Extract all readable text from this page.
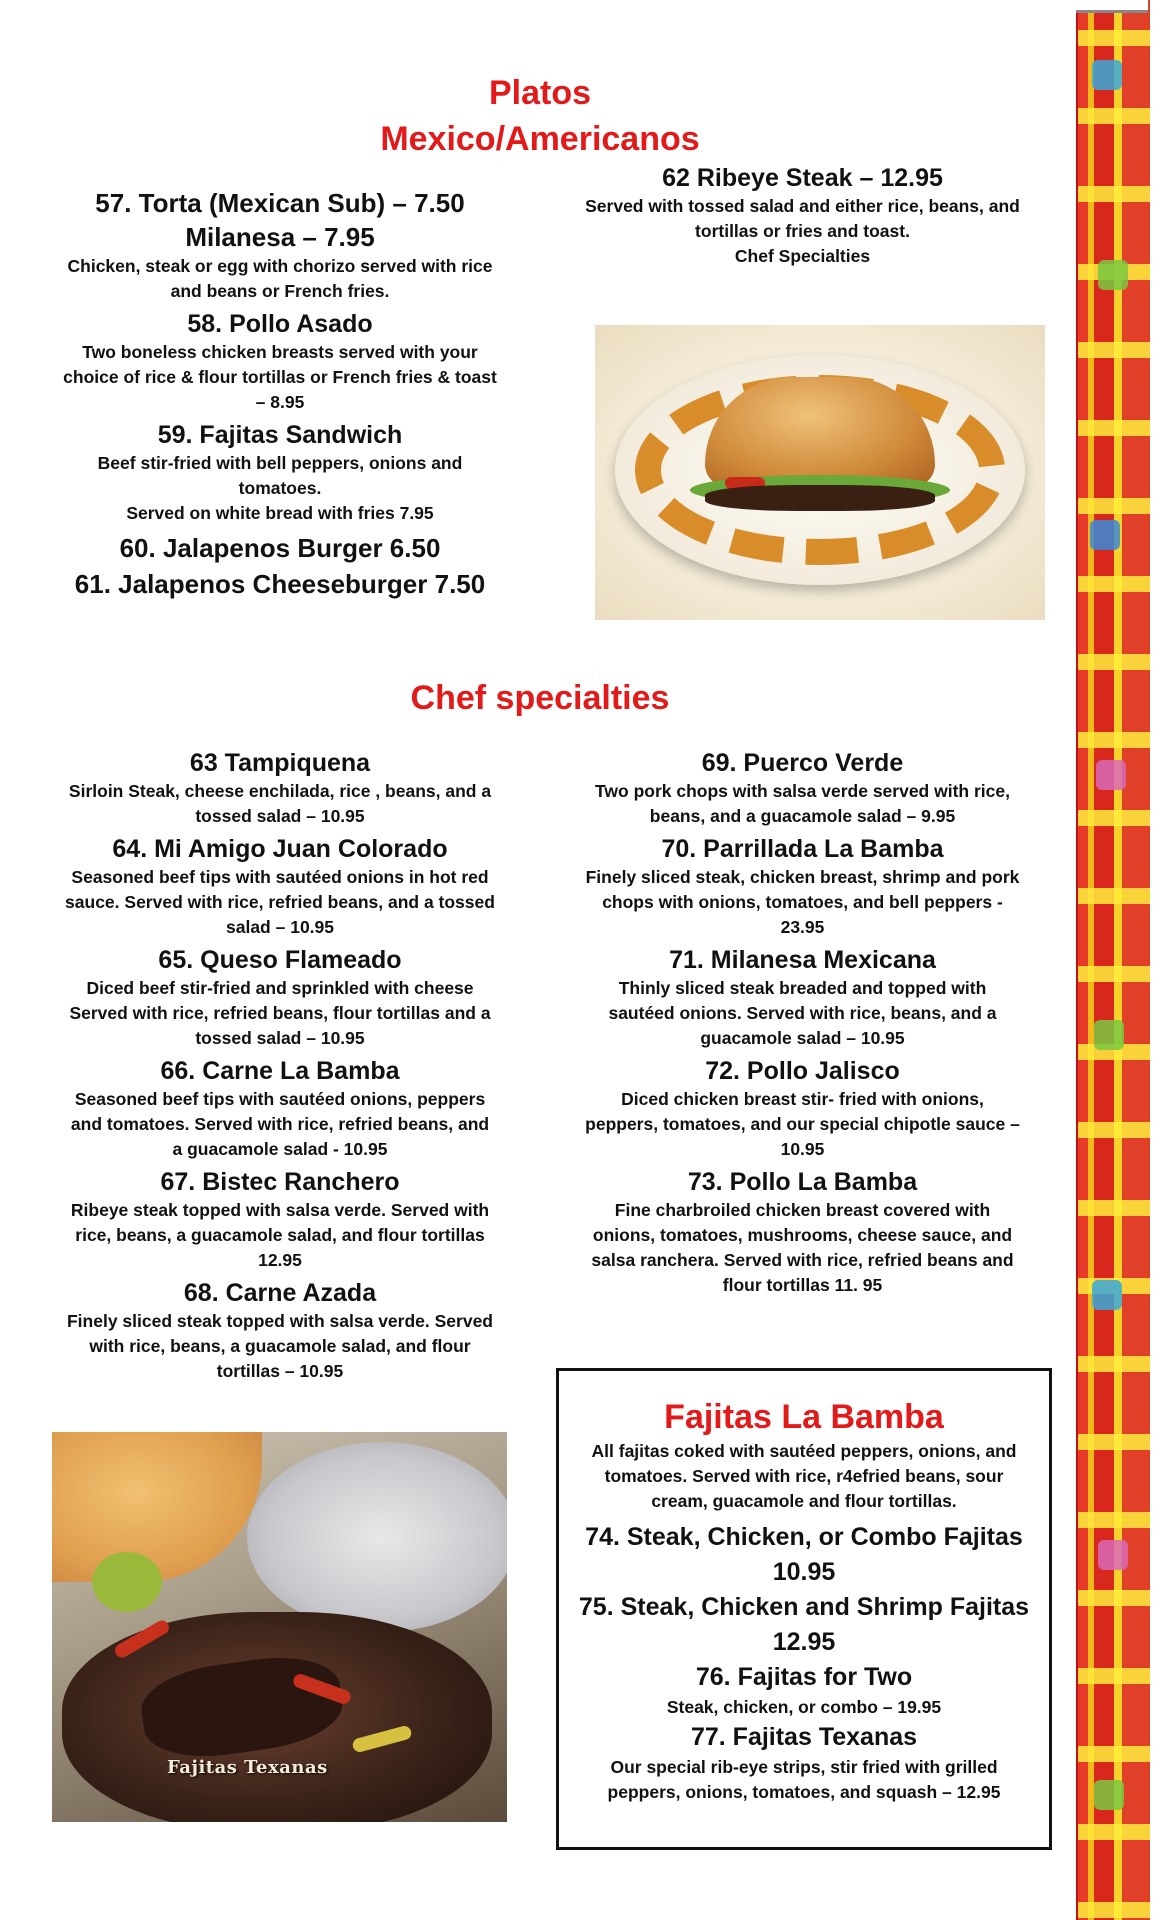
Platos
Mexico/Americanos
57. Torta (Mexican Sub) – 7.50
Milanesa – 7.95
Chicken, steak or egg with chorizo served with rice
and beans or French fries.
58. Pollo Asado
Two boneless chicken breasts served with your
choice of rice & flour tortillas or French fries & toast
– 8.95
59. Fajitas Sandwich
Beef stir-fried with bell peppers, onions and
tomatoes.
Served on white bread with fries 7.95
60. Jalapenos Burger 6.50
61. Jalapenos Cheeseburger 7.50
62 Ribeye Steak – 12.95
Served with tossed salad and either rice, beans, and
tortillas or fries and toast.
Chef Specialties
Chef specialties
63 Tampiquena
Sirloin Steak, cheese enchilada, rice , beans, and a
tossed salad – 10.95
64. Mi Amigo Juan Colorado
Seasoned beef tips with sautéed onions in hot red
sauce. Served with rice, refried beans, and a tossed
salad – 10.95
65. Queso Flameado
Diced beef stir-fried and sprinkled with cheese
Served with rice, refried beans, flour tortillas and a
tossed salad – 10.95
66. Carne La Bamba
Seasoned beef tips with sautéed onions, peppers
and tomatoes. Served with rice, refried beans, and
a guacamole salad - 10.95
67. Bistec Ranchero
Ribeye steak topped with salsa verde. Served with
rice, beans, a guacamole salad, and flour tortillas
12.95
68. Carne Azada
Finely sliced steak topped with salsa verde. Served
with rice, beans, a guacamole salad, and flour
tortillas – 10.95
69. Puerco Verde
Two pork chops with salsa verde served with rice,
beans, and a guacamole salad – 9.95
70. Parrillada La Bamba
Finely sliced steak, chicken breast, shrimp and pork
chops with onions, tomatoes, and bell peppers -
23.95
71. Milanesa Mexicana
Thinly sliced steak breaded and topped with
sautéed onions. Served with rice, beans, and a
guacamole salad – 10.95
72. Pollo Jalisco
Diced chicken breast stir- fried with onions,
peppers, tomatoes, and our special chipotle sauce –
10.95
73. Pollo La Bamba
Fine charbroiled chicken breast covered with
onions, tomatoes, mushrooms, cheese sauce, and
salsa ranchera. Served with rice, refried beans and
flour tortillas 11. 95
Fajitas Texanas
Fajitas La Bamba
All fajitas coked with sautéed peppers, onions, and
tomatoes. Served with rice, r4efried beans, sour
cream, guacamole and flour tortillas.
74. Steak, Chicken, or Combo Fajitas
10.95
75. Steak, Chicken and Shrimp Fajitas
12.95
76. Fajitas for Two
Steak, chicken, or combo – 19.95
77. Fajitas Texanas
Our special rib-eye strips, stir fried with grilled
peppers, onions, tomatoes, and squash – 12.95
